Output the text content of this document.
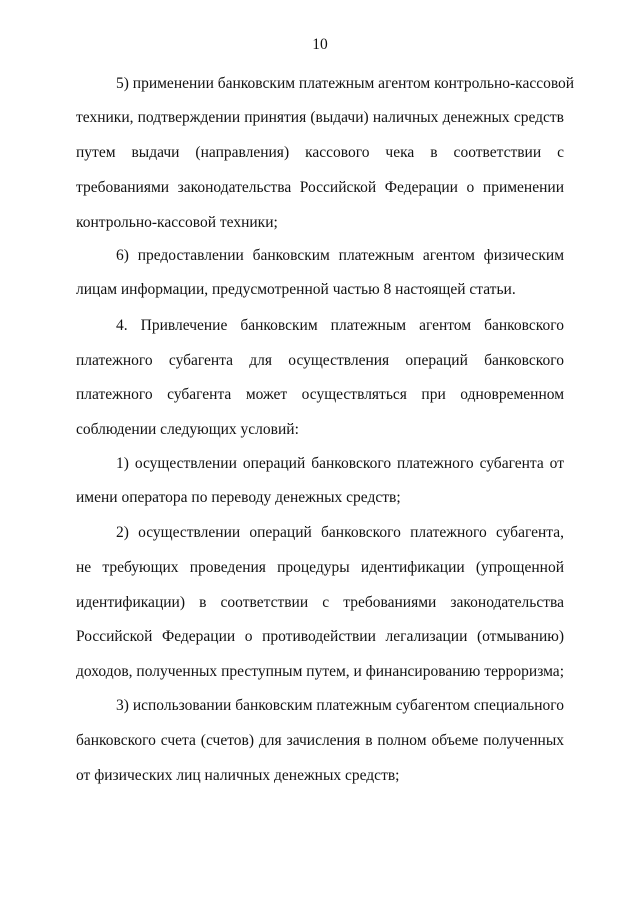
10
5) применении банковским платежным агентом контрольно-кассовой
техники, подтверждении принятия (выдачи) наличных денежных средств
путем выдачи (направления) кассового чека в соответствии с
требованиями законодательства Российской Федерации о применении
контрольно-кассовой техники;
6) предоставлении банковским платежным агентом физическим
лицам информации, предусмотренной частью 8 настоящей статьи.
4. Привлечение банковским платежным агентом банковского
платежного субагента для осуществления операций банковского
платежного субагента может осуществляться при одновременном
соблюдении следующих условий:
1) осуществлении операций банковского платежного субагента от
имени оператора по переводу денежных средств;
2) осуществлении операций банковского платежного субагента,
не требующих проведения процедуры идентификации (упрощенной
идентификации) в соответствии с требованиями законодательства
Российской Федерации о противодействии легализации (отмыванию)
доходов, полученных преступным путем, и финансированию терроризма;
3) использовании банковским платежным субагентом специального
банковского счета (счетов) для зачисления в полном объеме полученных
от физических лиц наличных денежных средств;
